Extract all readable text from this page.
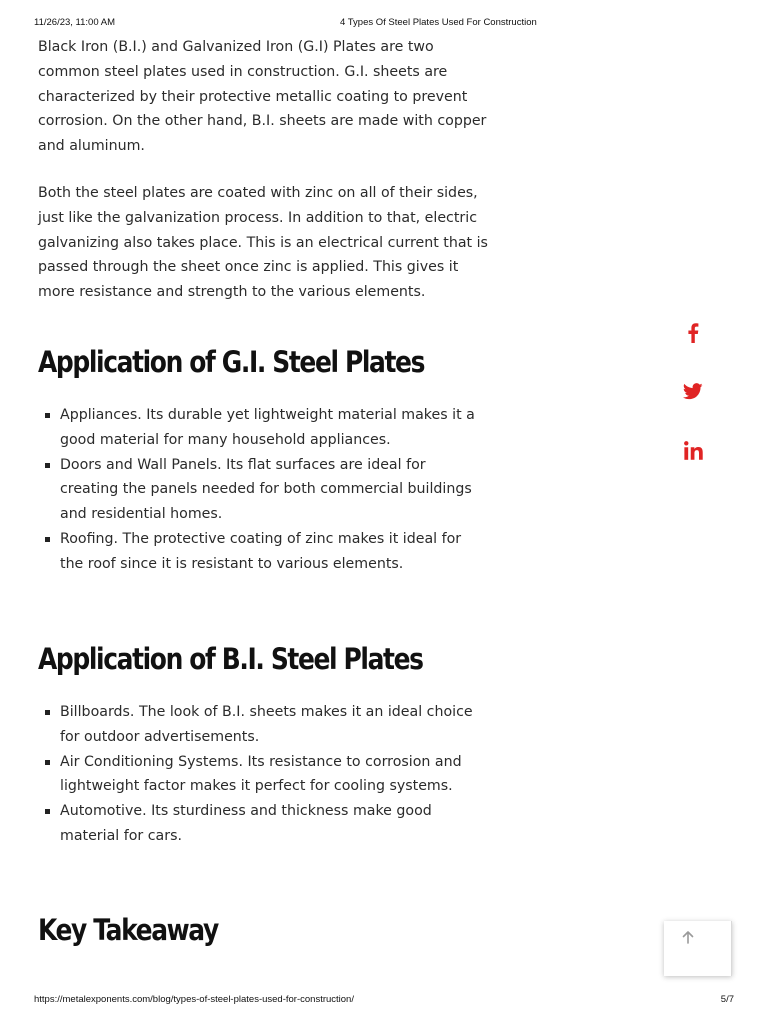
11/26/23, 11:00 AM	4 Types Of Steel Plates Used For Construction

Black Iron (B.I.) and Galvanized Iron (G.I) Plates are two common steel plates used in construction. G.I. sheets are characterized by their protective metallic coating to prevent corrosion. On the other hand, B.I. sheets are made with copper and aluminum.

Both the steel plates are coated with zinc on all of their sides, just like the galvanization process. In addition to that, electric galvanizing also takes place. This is an electrical current that is passed through the sheet once zinc is applied. This gives it more resistance and strength to the various elements.

Application of G.I. Steel Plates
Appliances. Its durable yet lightweight material makes it a good material for many household appliances.
Doors and Wall Panels. Its flat surfaces are ideal for creating the panels needed for both commercial buildings and residential homes.
Roofing. The protective coating of zinc makes it ideal for the roof since it is resistant to various elements.
Application of B.I. Steel Plates
Billboards. The look of B.I. sheets makes it an ideal choice for outdoor advertisements.
Air Conditioning Systems. Its resistance to corrosion and lightweight factor makes it perfect for cooling systems.
Automotive. Its sturdiness and thickness make good material for cars.
Key Takeaway
https://metalexponents.com/blog/types-of-steel-plates-used-for-construction/	5/7
